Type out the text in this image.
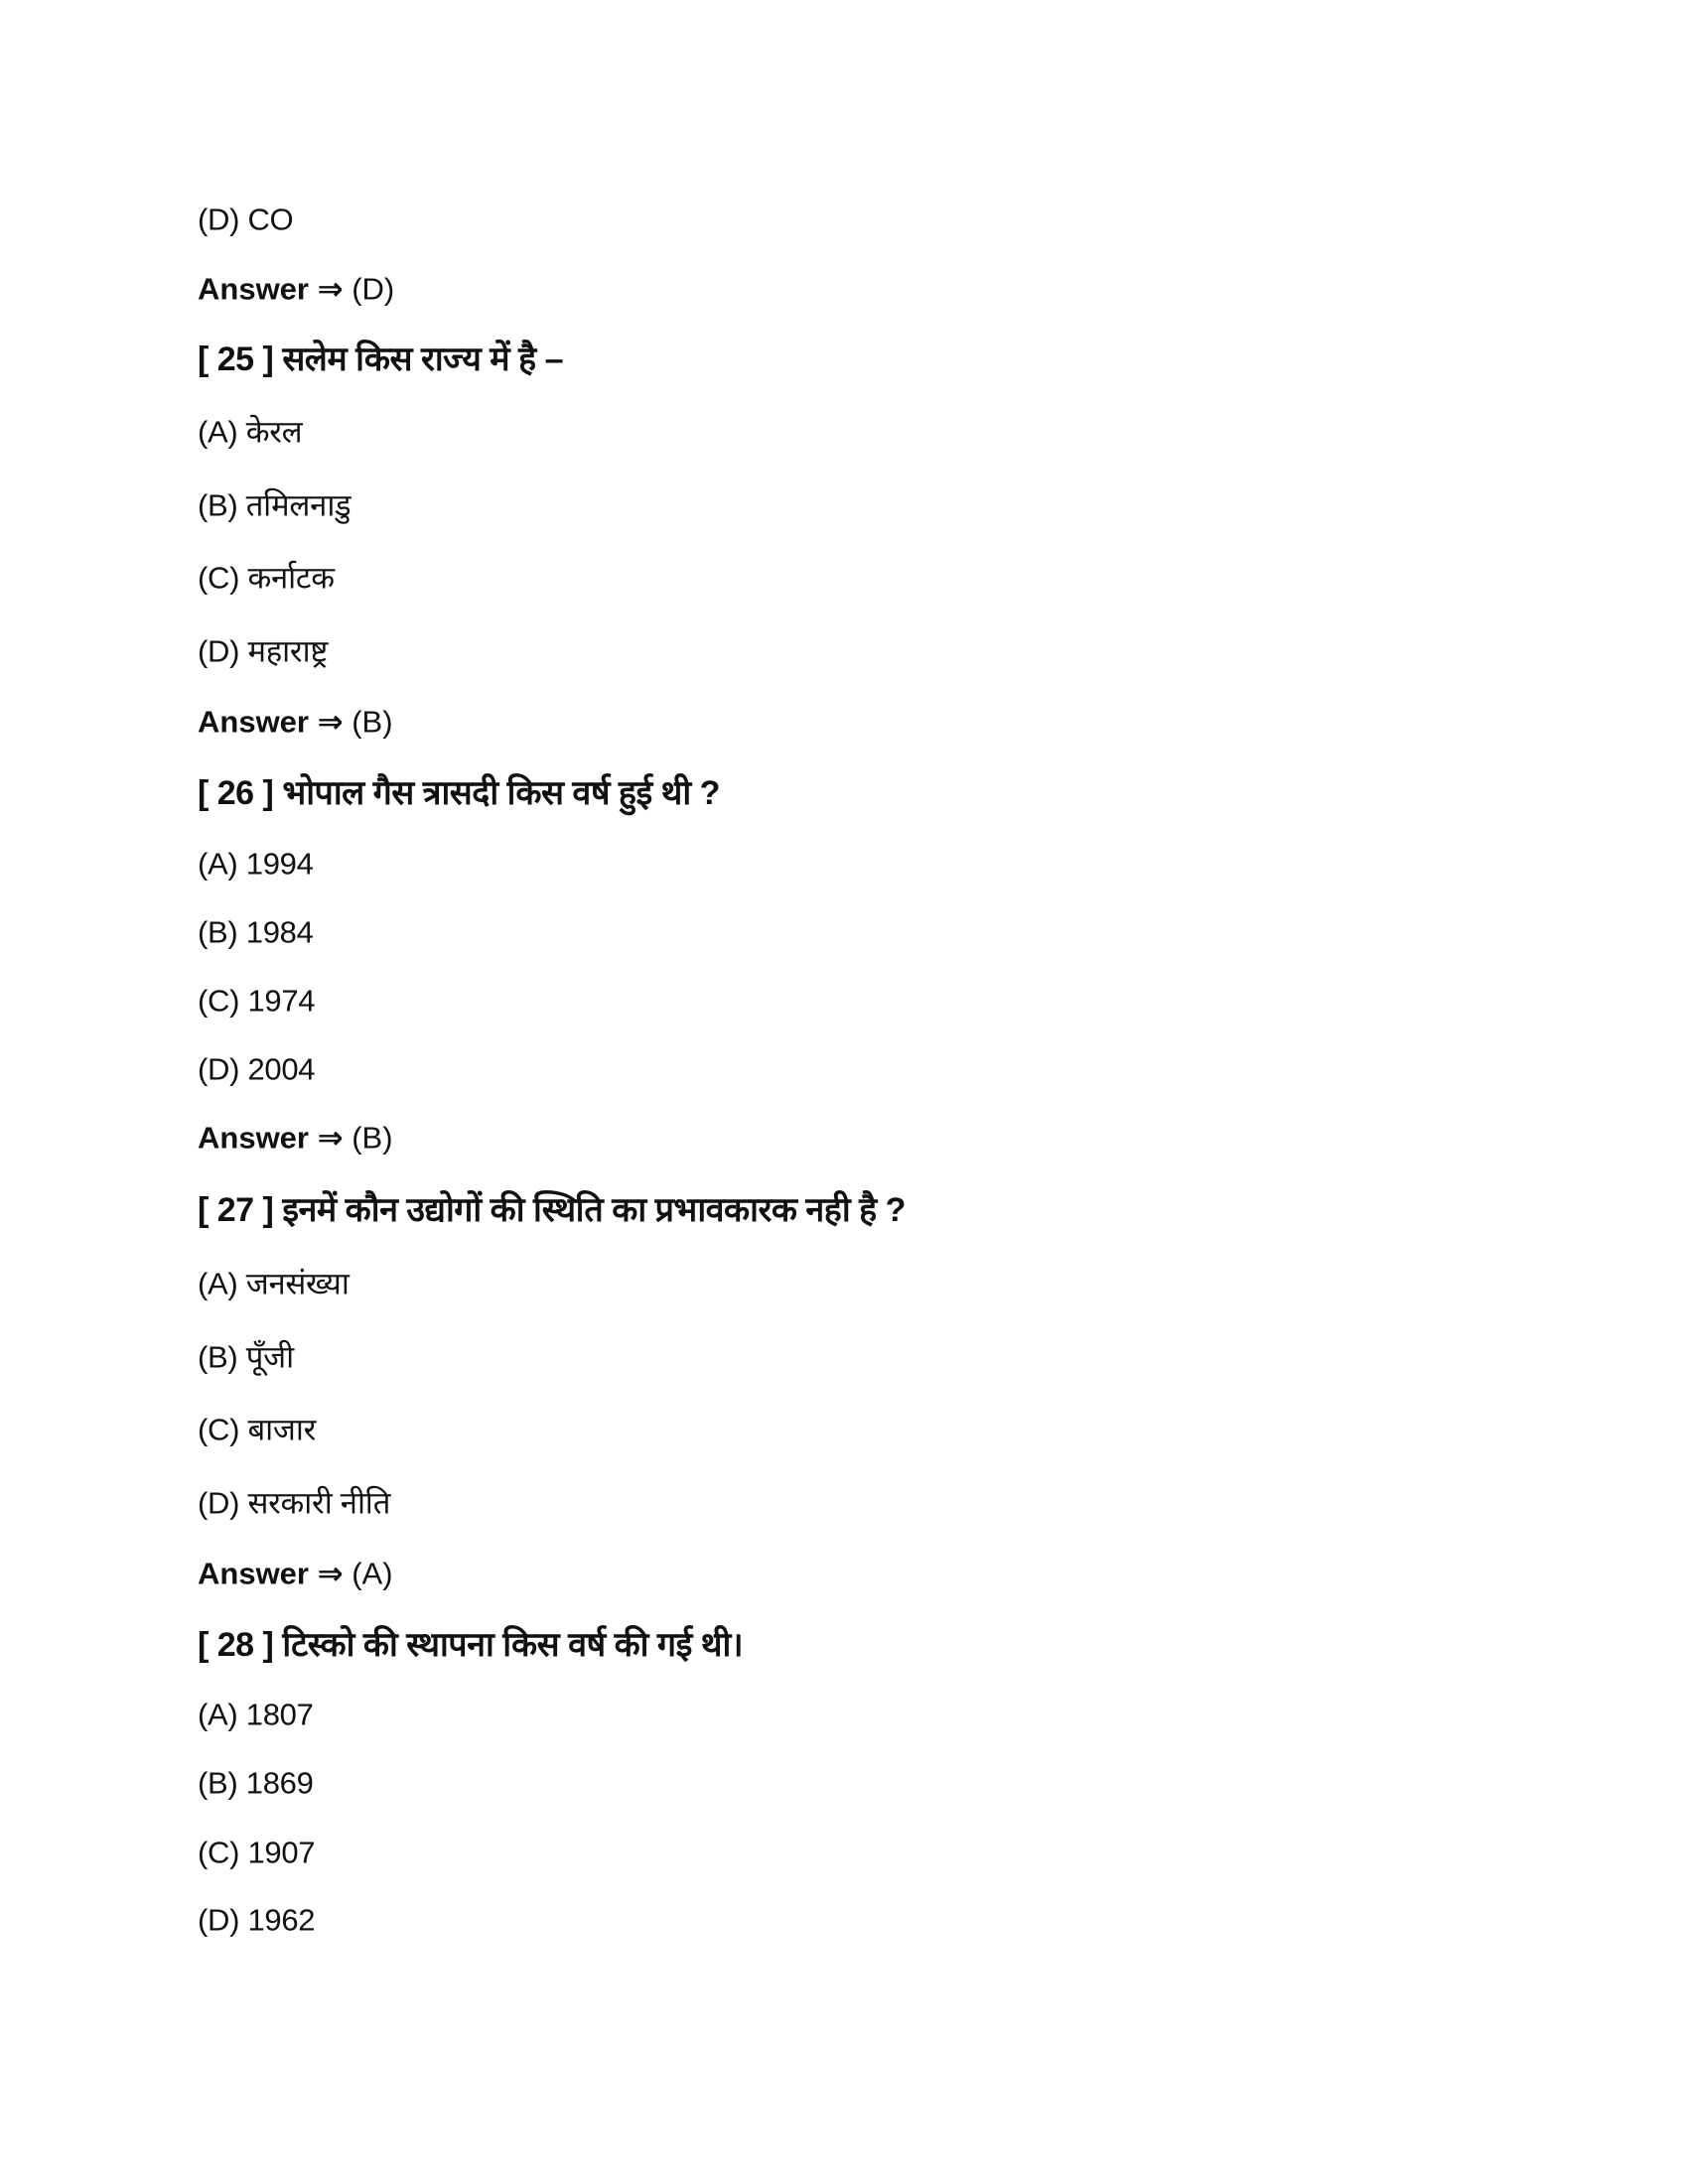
(D) CO
Answer ⇒ (D)
[ 25 ] सलेम किस राज्य में है –
(A) केरल
(B) तमिलनाडु
(C) कर्नाटक
(D) महाराष्ट्र
Answer ⇒ (B)
[ 26 ] भोपाल गैस त्रासदी किस वर्ष हुई थी ?
(A) 1994
(B) 1984
(C) 1974
(D) 2004
Answer ⇒ (B)
[ 27 ] इनमें कौन उद्योगों की स्थिति का प्रभावकारक नही है ?
(A) जनसंख्या
(B) पूँजी
(C) बाजार
(D) सरकारी नीति
Answer ⇒ (A)
[ 28 ] टिस्को की स्थापना किस वर्ष की गई थी।
(A) 1807
(B) 1869
(C) 1907
(D) 1962
